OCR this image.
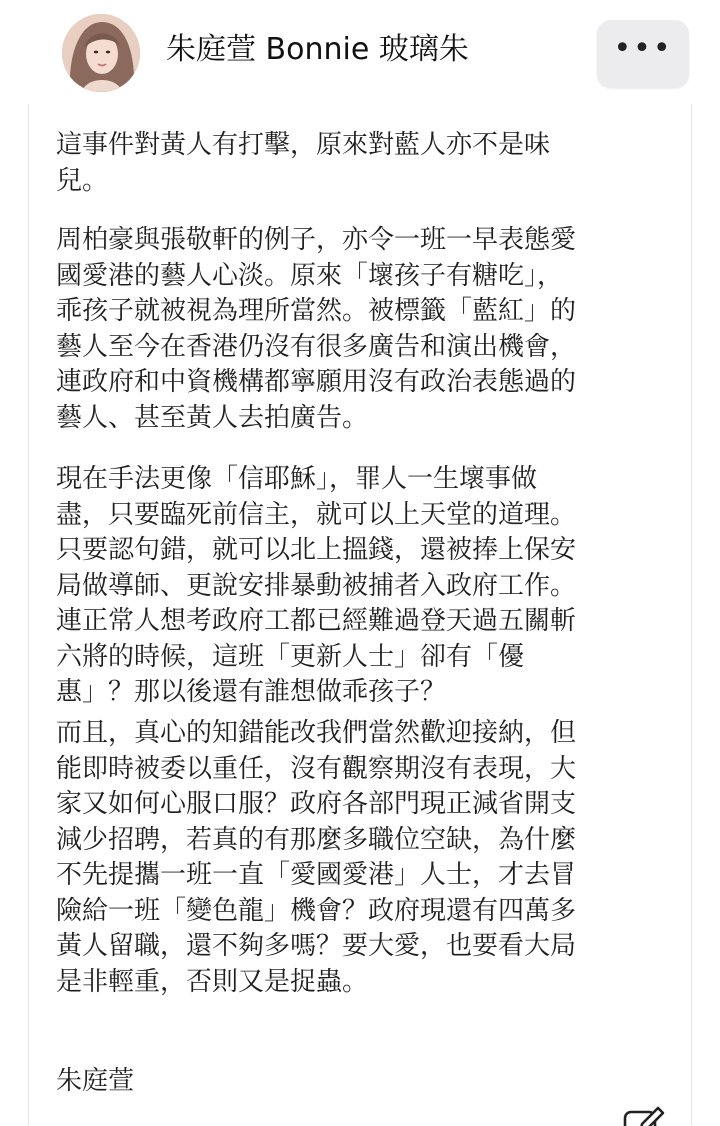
朱庭萱 Bonnie 玻璃朱	•••

這事件對黃人有打擊，原來對藍人亦不是味
兒。

周柏豪與張敬軒的例子，亦令一班一早表態愛
國愛港的藝人心淡。原來「壞孩子有糖吃」，
乖孩子就被視為理所當然。被標籤「藍紅」的
藝人至今在香港仍沒有很多廣告和演出機會，
連政府和中資機構都寧願用沒有政治表態過的
藝人、甚至黃人去拍廣告。

現在手法更像「信耶穌」，罪人一生壞事做
盡，只要臨死前信主，就可以上天堂的道理。
只要認句錯，就可以北上搵錢，還被捧上保安
局做導師、更說安排暴動被捕者入政府工作。
連正常人想考政府工都已經難過登天過五關斬
六將的時候，這班「更新人士」卻有「優
惠」？那以後還有誰想做乖孩子？

而且，真心的知錯能改我們當然歡迎接納，但
能即時被委以重任，沒有觀察期沒有表現，大
家又如何心服口服？政府各部門現正減省開支
減少招聘，若真的有那麼多職位空缺，為什麼
不先提攜一班一直「愛國愛港」人士，才去冒
險給一班「變色龍」機會？政府現還有四萬多
黃人留職，還不夠多嗎？要大愛，也要看大局
是非輕重，否則又是捉蟲。

朱庭萱
